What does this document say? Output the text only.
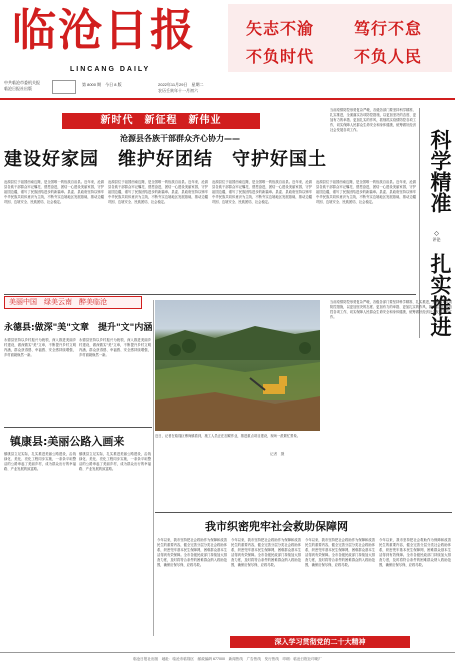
临沧日报
LINCANG DAILY
矢志不渝 笃行不怠
不负时代 不负人民
中共临沧市委机关报
临沧日报社出版
第 8000 期　今日 8 版	2022年11月29日　星期二
农历壬寅年十一月初六
新时代　新征程　新伟业
沧源县各族干部群众齐心协力——
建设好家园　维护好团结　守护好国土
沧源县位于祖国西南边陲，是全国唯一的佤族自治县。近年来，沧源县各族干部群众牢记嘱托、感恩奋进，团结一心建设美丽家园，守护祖国边疆，谱写了民族团结进步的新篇章。县委、县政府坚持以铸牢中华民族共同体意识为主线，不断夯实边境地区发展基础，推动边疆巩固、边境安全、民族团结、社会稳定。
沧源县位于祖国西南边陲，是全国唯一的佤族自治县。近年来，沧源县各族干部群众牢记嘱托、感恩奋进，团结一心建设美丽家园，守护祖国边疆，谱写了民族团结进步的新篇章。县委、县政府坚持以铸牢中华民族共同体意识为主线，不断夯实边境地区发展基础，推动边疆巩固、边境安全、民族团结、社会稳定。
沧源县位于祖国西南边陲，是全国唯一的佤族自治县。近年来，沧源县各族干部群众牢记嘱托、感恩奋进，团结一心建设美丽家园，守护祖国边疆，谱写了民族团结进步的新篇章。县委、县政府坚持以铸牢中华民族共同体意识为主线，不断夯实边境地区发展基础，推动边疆巩固、边境安全、民族团结、社会稳定。
沧源县位于祖国西南边陲，是全国唯一的佤族自治县。近年来，沧源县各族干部群众牢记嘱托、感恩奋进，团结一心建设美丽家园，守护祖国边疆，谱写了民族团结进步的新篇章。县委、县政府坚持以铸牢中华民族共同体意识为主线，不断夯实边境地区发展基础，推动边疆巩固、边境安全、民族团结、社会稳定。
当前疫情防控形势复杂严峻，各级各部门要坚持科学精准、扎实推进，全面落实各项防控措施，以更加坚决的态度、更加有力的举措、更加扎实的作风，抓细抓实疫情防控各项工作，切实保障人民群众生命安全和身体健康，统筹做好经济社会发展各项工作。	科学精准
◇
评论
扎实推进
当前疫情防控形势复杂严峻，各级各部门要坚持科学精准、扎实推进，全面落实各项防控措施，以更加坚决的态度、更加有力的举措、更加扎实的作风，抓细抓实疫情防控各项工作，切实保障人民群众生命安全和身体健康，统筹做好经济社会发展各项工作。
美丽中国　绿美云南　醉美临沧
永德县:做深"美"文章　提升"文"内涵
永德县坚持以乡村振兴为统领，深入推进美丽乡村建设，做深做实"美"文章，不断提升乡村文明内涵，群众获得感、幸福感、安全感持续增强，乡村面貌焕然一新。
永德县坚持以乡村振兴为统领，深入推进美丽乡村建设，做深做实"美"文章，不断提升乡村文明内涵，群众获得感、幸福感、安全感持续增强，乡村面貌焕然一新。
镇康县:美丽公路入画来
镇康县立足实际，扎实推进美丽公路建设，沿线绿化、美化、亮化工程同步实施，一条条平坦整洁的公路串起了美丽乡村，成为群众出行的幸福路、产业发展的致富路。
镇康县立足实际，扎实推进美丽公路建设，沿线绿化、美化、亮化工程同步实施，一条条平坦整洁的公路串起了美丽乡村，成为群众出行的幸福路、产业发展的致富路。
近日，记者在临翔区博尚镇看到，施工人员正在加紧作业，推进重点项目建设，现场一派繁忙景象。
记者　摄
我市织密兜牢社会救助保障网
今年以来，我市坚持把社会救助作为保障和改善民生的重要内容，健全完善分层分类社会救助体系，织密兜牢基本民生保障网，困难群众基本生活得到有效保障。全市各级民政部门持续加大排查力度，及时将符合条件的困难群众纳入救助范围，确保应保尽保、应救尽救。
今年以来，我市坚持把社会救助作为保障和改善民生的重要内容，健全完善分层分类社会救助体系，织密兜牢基本民生保障网，困难群众基本生活得到有效保障。全市各级民政部门持续加大排查力度，及时将符合条件的困难群众纳入救助范围，确保应保尽保、应救尽救。
今年以来，我市坚持把社会救助作为保障和改善民生的重要内容，健全完善分层分类社会救助体系，织密兜牢基本民生保障网，困难群众基本生活得到有效保障。全市各级民政部门持续加大排查力度，及时将符合条件的困难群众纳入救助范围，确保应保尽保、应救尽救。
今年以来，我市坚持把社会救助作为保障和改善民生的重要内容，健全完善分层分类社会救助体系，织密兜牢基本民生保障网，困难群众基本生活得到有效保障。全市各级民政部门持续加大排查力度，及时将符合条件的困难群众纳入救助范围，确保应保尽保、应救尽救。
深入学习贯彻党的二十大精神
临沧日报社出版　地址：临沧市临翔区　邮政编码 677000　新闻热线　广告热线　发行热线　印刷：临沧日报社印刷厂
